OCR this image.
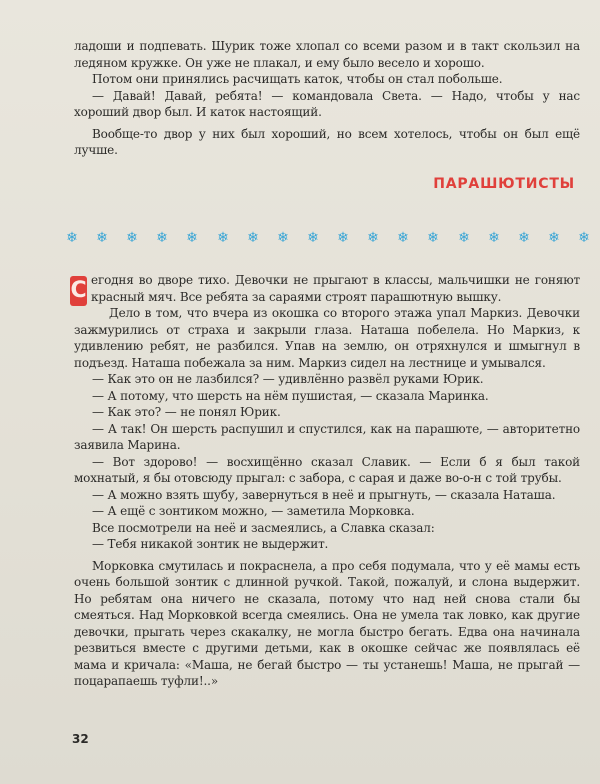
ладоши и подпевать. Шурик тоже хлопал со всеми разом и в такт скользил на ледяном кружке. Он уже не плакал, и ему было весело и хорошо.

Потом они принялись расчищать каток, чтобы он стал побольше.

— Давай! Давай, ребята! — командовала Света. — Надо, чтобы у нас хороший двор был. И каток настоящий.

Вообще-то двор у них был хороший, но всем хотелось, чтобы он был ещё лучше.

ПАРАШЮТИСТЫ
❄ ❄ ❄ ❄ ❄ ❄ ❄ ❄ ❄ ❄ ❄ ❄ ❄ ❄ ❄ ❄ ❄ ❄

С егодня во дворе тихо. Девочки не прыгают в классы, мальчишки не гоняют красный мяч. Все ребята за сараями строят парашютную вышку.

Дело в том, что вчера из окошка со второго этажа упал Маркиз. Девочки зажмурились от страха и закрыли глаза. Наташа побелела. Но Маркиз, к удивлению ребят, не разбился. Упав на землю, он отряхнулся и шмыгнул в подъезд. Наташа побежала за ним. Маркиз сидел на лестнице и умывался.

— Как это он не лазбился? — удивлённо развёл руками Юрик.

— А потому, что шерсть на нём пушистая, — сказала Маринка.

— Как это? — не понял Юрик.

— А так! Он шерсть распушил и спустился, как на парашюте, — авторитетно заявила Марина.

— Вот здорово! — восхищённо сказал Славик. — Если б я был такой мохнатый, я бы отовсюду прыгал: с забора, с сарая и даже во-о-н с той трубы.

— А можно взять шубу, завернуться в неё и прыгнуть, — сказала Наташа.

— А ещё с зонтиком можно, — заметила Морковка.

Все посмотрели на неё и засмеялись, а Славка сказал:

— Тебя никакой зонтик не выдержит.

Морковка смутилась и покраснела, а про себя подумала, что у её мамы есть очень большой зонтик с длинной ручкой. Такой, пожалуй, и слона выдержит. Но ребятам она ничего не сказала, потому что над ней снова стали бы смеяться. Над Морковкой всегда смеялись. Она не умела так ловко, как другие девочки, прыгать через скакалку, не могла быстро бегать. Едва она начинала резвиться вместе с другими детьми, как в окошке сейчас же появлялась её мама и кричала: «Маша, не бегай быстро — ты устанешь! Маша, не прыгай — поцарапаешь туфли!..»

32
